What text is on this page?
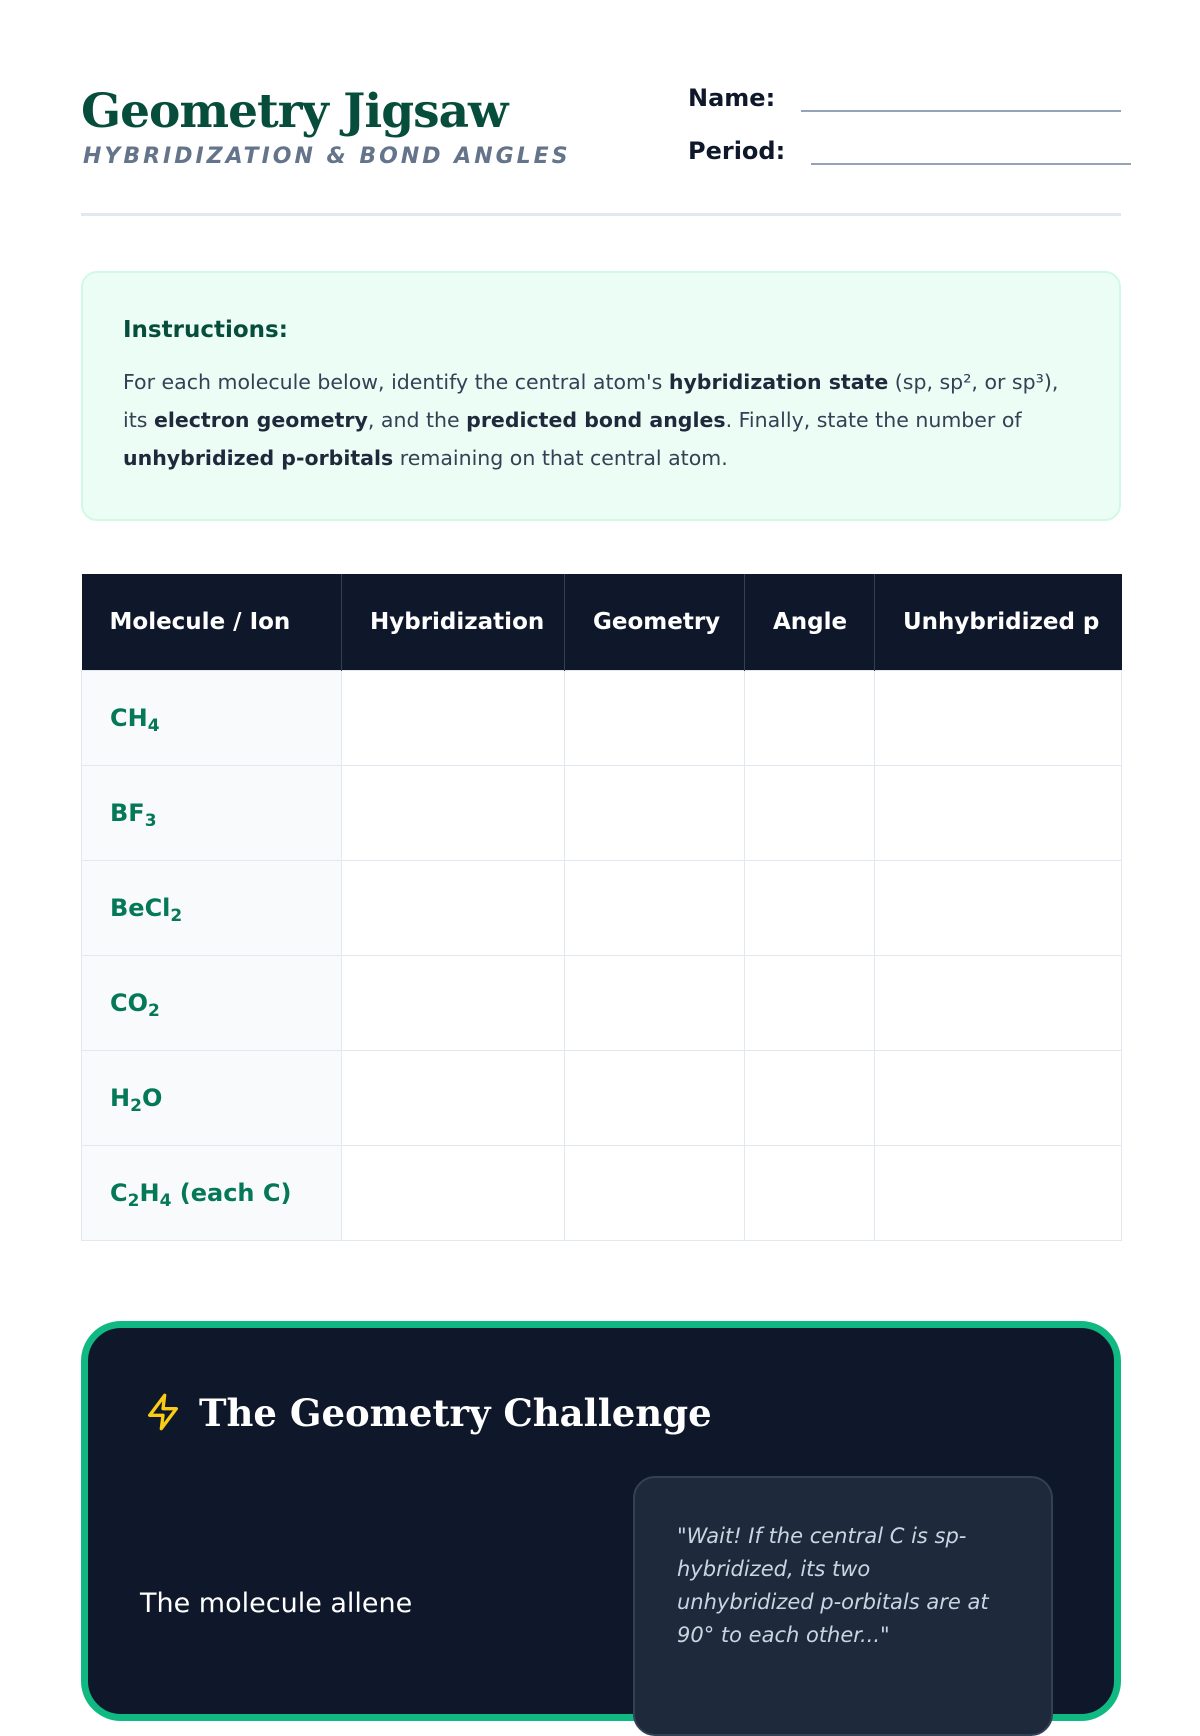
Geometry Jigsaw
HYBRIDIZATION & BOND ANGLES
Name:
Period:
Instructions:

For each molecule below, identify the central atom's hybridization state (sp, sp², or sp³), its electron geometry, and the predicted bond angles. Finally, state the number of unhybridized p-orbitals remaining on that central atom.

Molecule / Ion	Hybridization	Geometry	Angle	Unhybridized p
$CH_4$				
$BF_3$				
BeCl$_2$				
$CO_2$				
$H_2O$				
$C_2H_4$ (each C)				
The Geometry Challenge
The molecule allene
"Wait! If the central C is sp-hybridized, its two unhybridized p-orbitals are at 90° to each other..."
